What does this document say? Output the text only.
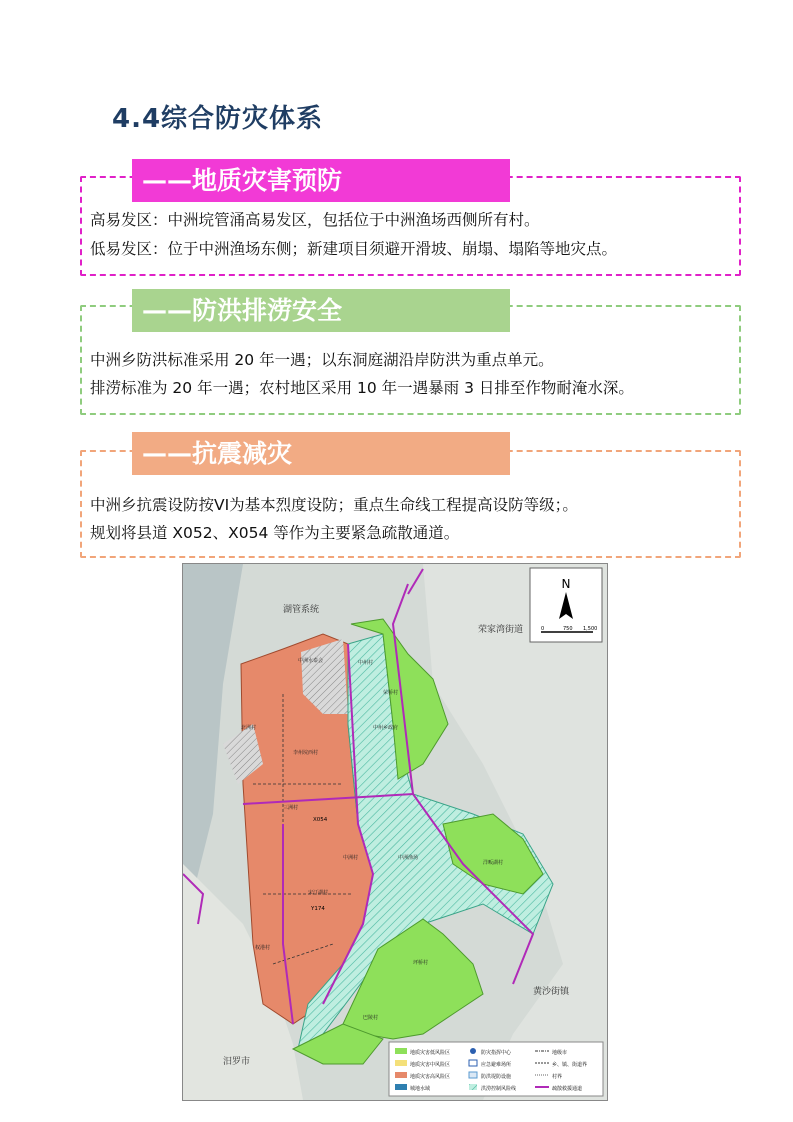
4.4综合防灾体系
——地质灾害预防
高易发区：中洲垸管涌高易发区，包括位于中洲渔场西侧所有村。
低易发区：位于中洲渔场东侧；新建项目须避开滑坡、崩塌、塌陷等地灾点。
——防洪排涝安全
中洲乡防洪标准采用 20 年一遇；以东洞庭湖沿岸防洪为重点单元。
排涝标准为 20 年一遇；农村地区采用 10 年一遇暴雨 3 日排至作物耐淹水深。
——抗震减灾
中洲乡抗震设防按VI为基本烈度设防；重点生命线工程提高设防等级；。
规划将县道 X052、X054 等作为主要紧急疏散通道。
N
0	750 1,500
湖管系统
荣家湾街道
黄沙街镇
汨罗市
中洲水泰会
北洲村
李州垸西村
三洲村
中洲村
宋汀湖村
权港村
中洲渔场
洋畈湖村
坪桥村
巴陵村
荣桥村
中州村
中州乡政府
X054
Y174
地质灾害低风险区
地质灾害中风险区
地质灾害高风险区
城地水域
防灾指挥中心
应急避难场所
防洪堤防设施
洪涝控制风险线
地级市
乡、镇、街道界
村界
疏散救援通道
